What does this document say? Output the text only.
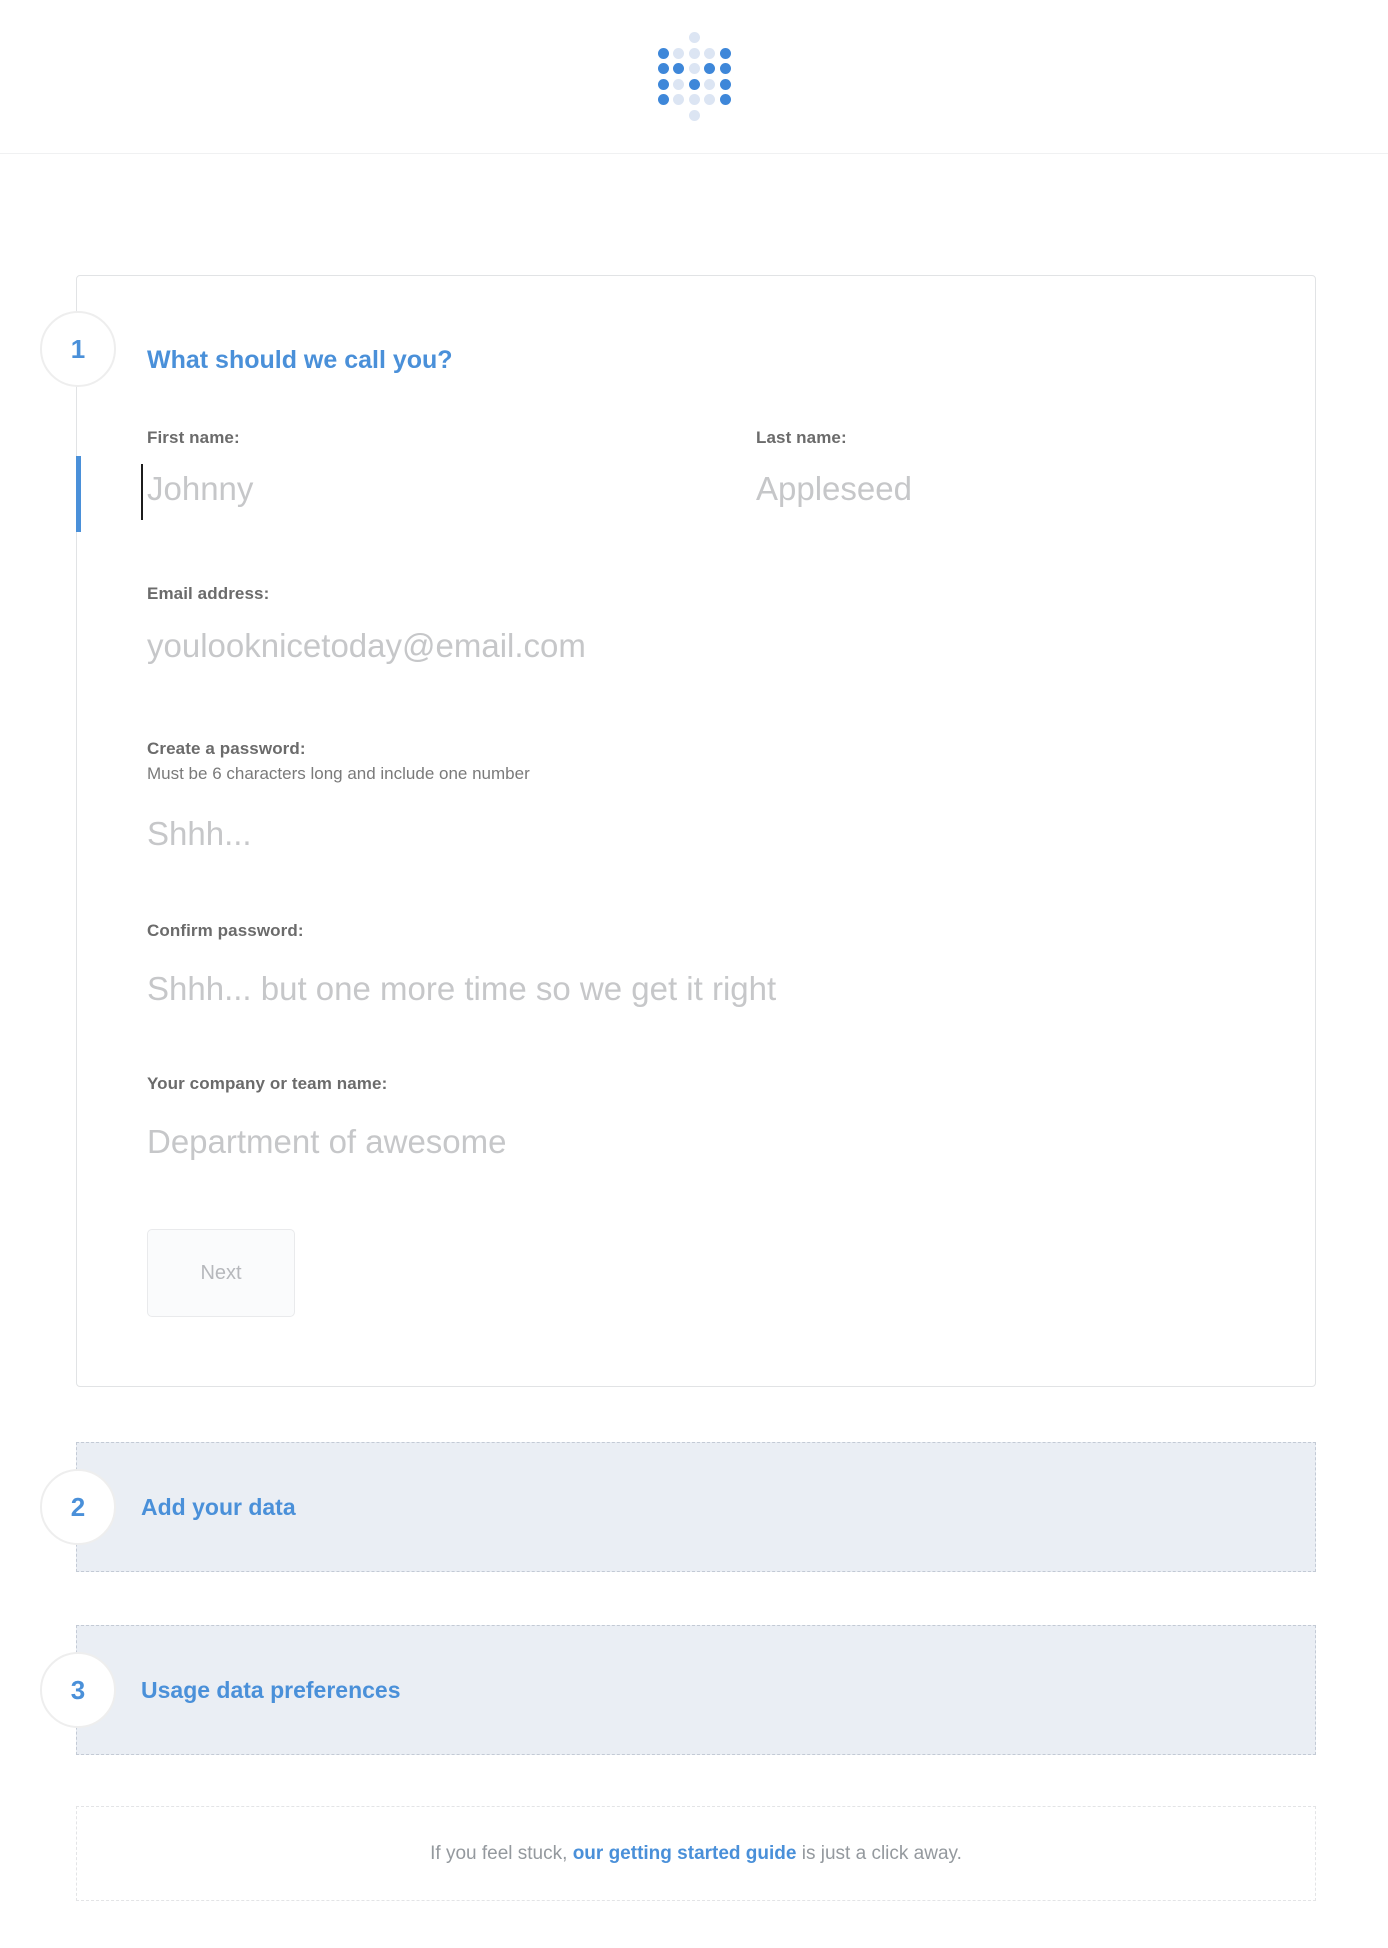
1 What should we call you?
First name:
Johnny	Last name:
Appleseed
Email address:
youlooknicetoday@email.com
Create a password:
Must be 6 characters long and include one number
Shhh...
Confirm password:
Shhh... but one more time so we get it right
Your company or team name:
Department of awesome
Next
2 Add your data
3 Usage data preferences

If you feel stuck, our getting started guide is just a click away.
